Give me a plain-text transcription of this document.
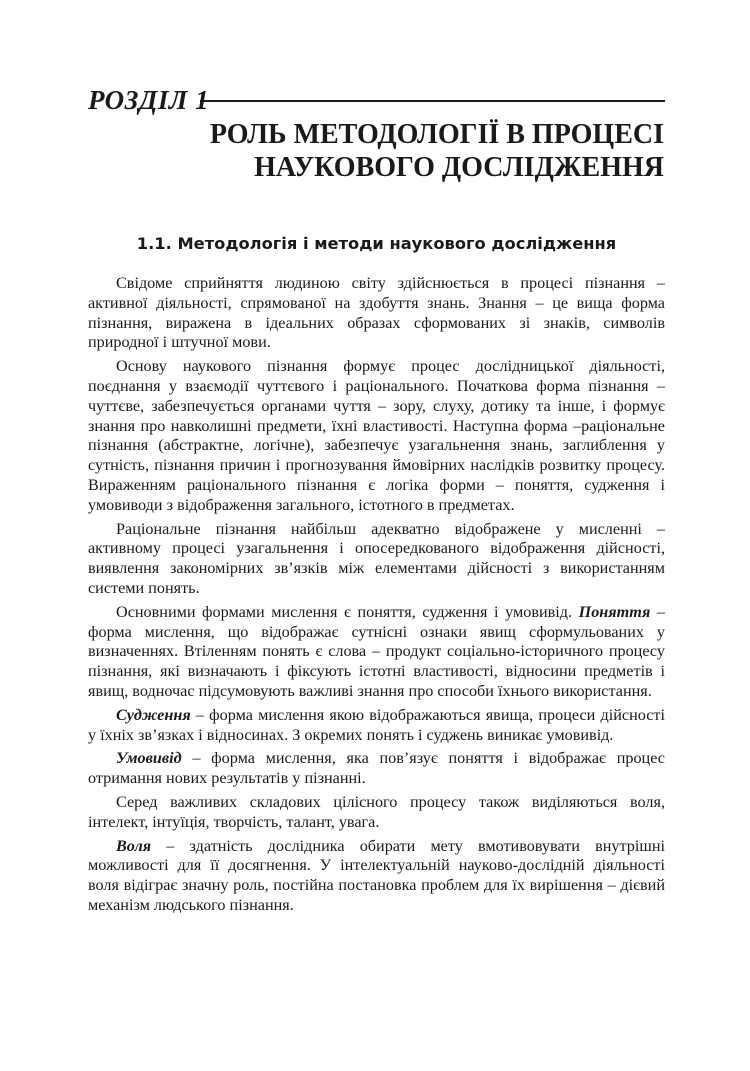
РОЗДІЛ 1
РОЛЬ МЕТОДОЛОГІЇ В ПРОЦЕСІ
НАУКОВОГО ДОСЛІДЖЕННЯ
1.1. Методологія і методи наукового дослідження

Свідоме сприйняття людиною світу здійснюється в процесі пізнання – активної діяльності, спрямованої на здобуття знань. Знання – це вища форма пізнання, виражена в ідеальних образах сформованих зі знаків, символів природної і штучної мови.

Основу наукового пізнання формує процес дослідницької діяльності, поєднання у взаємодії чуттєвого і раціонального. Початкова форма пізнання –чуттєве, забезпечується органами чуття – зору, слуху, дотику та інше, і формує знання про навколишні предмети, їхні властивості. Наступна форма –раціональне пізнання (абстрактне, логічне), забезпечує узагальнення знань, заглиблення у сутність, пізнання причин і прогнозування ймовірних наслідків розвитку процесу. Вираженням раціонального пізнання є логіка форми – поняття, судження і умовиводи з відображення загального, істотного в предметах.

Раціональне пізнання найбільш адекватно відображене у мисленні – активному процесі узагальнення і опосередкованого відображення дійсності, виявлення закономірних зв’язків між елементами дійсності з використанням системи понять.

Основними формами мислення є поняття, судження і умовивід. Поняття – форма мислення, що відображає сутнісні ознаки явищ сформульованих у визначеннях. Втіленням понять є слова – продукт соціально-історичного процесу пізнання, які визначають і фіксують істотні властивості, відносини предметів і явищ, водночас підсумовують важливі знання про способи їхнього використання.

Судження – форма мислення якою відображаються явища, процеси дійсності у їхніх зв’язках і відносинах. З окремих понять і суджень виникає умовивід.

Умовивід – форма мислення, яка пов’язує поняття і відображає процес отримання нових результатів у пізнанні.

Серед важливих складових цілісного процесу також виділяються воля, інтелект, інтуїція, творчість, талант, увага.

Воля – здатність дослідника обирати мету вмотивовувати внутрішні можливості для її досягнення. У інтелектуальній науково-дослідній діяльності воля відіграє значну роль, постійна постановка проблем для їх вирішення – дієвий механізм людського пізнання.
